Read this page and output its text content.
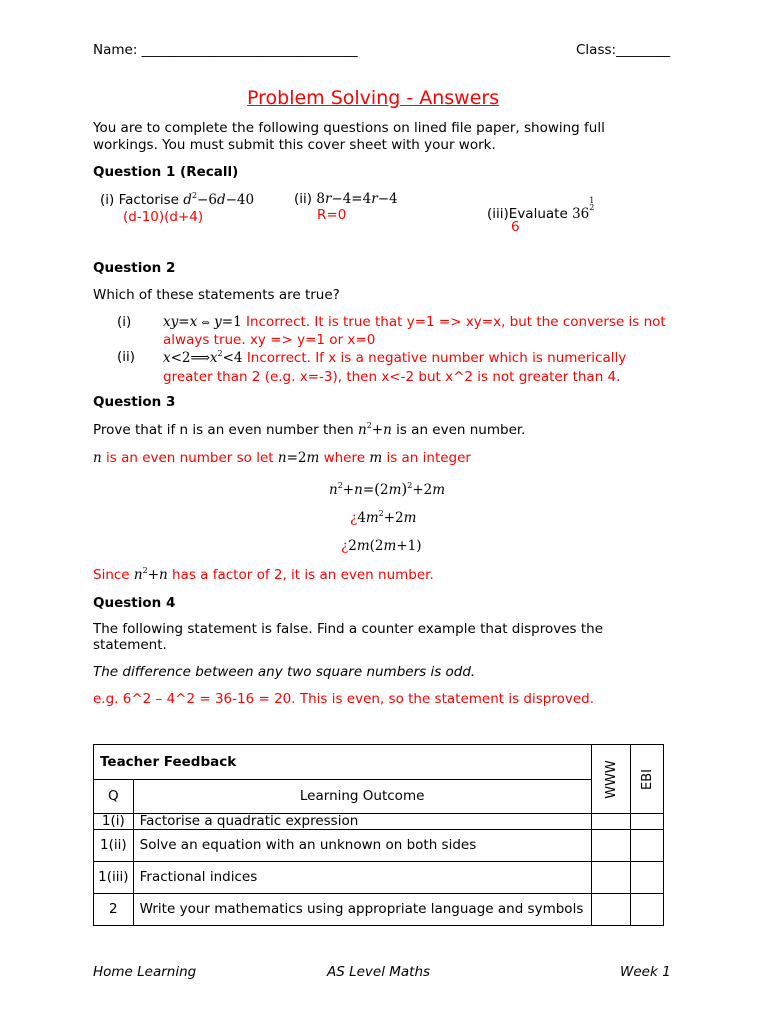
Name: ________________________________	Class:________
Problem Solving - Answers
You are to complete the following questions on lined file paper, showing full workings. You must submit this cover sheet with your work.
Question 1 (Recall)
(i) Factorise $d^2-6d-40$
(d-10)(d+4)
(ii) 8r−4=4r−4
R=0	(iii)Evaluate 361
2
6
Question 2
Which of these statements are true?
(i) xy=x ⇔ y=1 Incorrect. It is true that y=1 => xy=x, but the converse is not always true. xy => y=1 or x=0
(ii) $x<2⟹x^2<4$ Incorrect. If x is a negative number which is numerically greater than 2 (e.g. x=-3), then x<-2 but x^2 is not greater than 4.
Question 3
Prove that if n is an even number then $n^2+n$ is an even number.
n is an even number so let n=2m where m is an integer
$n^2+n=(2m)^2+2m$
¿$4m^2+2m$
¿2m(2m+1)
Since $n^2+n$ has a factor of 2, it is an even number.
Question 4
The following statement is false. Find a counter example that disproves the statement.
The difference between any two square numbers is odd.
e.g. 6^2 – 4^2 = 36-16 = 20. This is even, so the statement is disproved.
Teacher Feedback		WWW	EBI
Q	Learning Outcome		
1(i)	Factorise a quadratic expression		
1(ii)	Solve an equation with an unknown on both sides		
1(iii)	Fractional indices		
2	Write your mathematics using appropriate language and symbols		
Home Learning	AS Level Maths	Week 1
